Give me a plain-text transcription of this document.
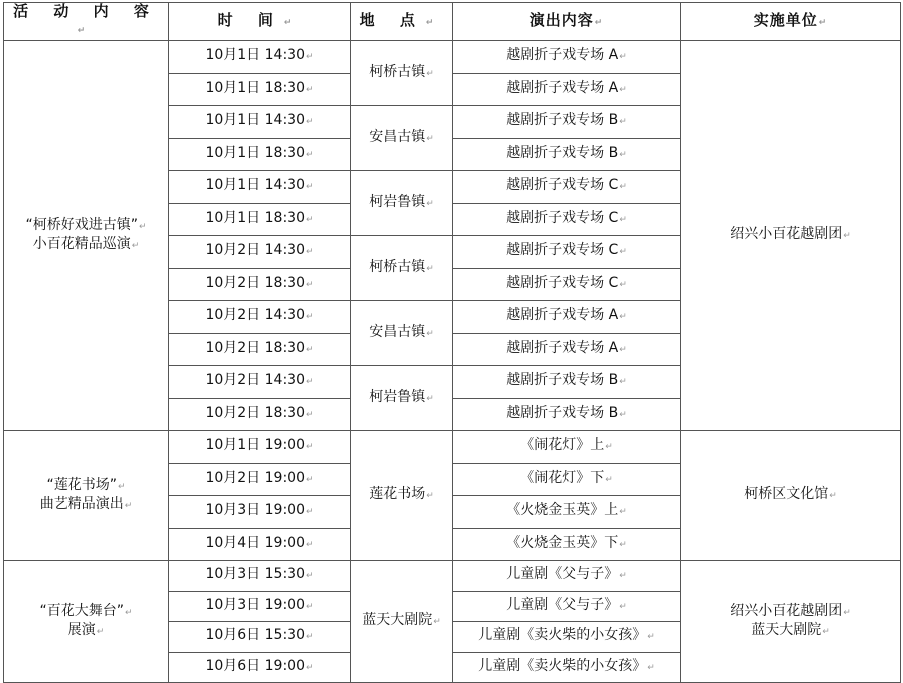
活 动 内 容↵	时 间↵	地 点↵	演出内容↵	实施单位↵
“柯桥好戏进古镇”↵
小百花精品巡演↵	10月1日 14:30↵	柯桥古镇↵	越剧折子戏专场 A↵	绍兴小百花越剧团↵
	10月1日 18:30↵		越剧折子戏专场 A↵	
	10月1日 14:30↵	安昌古镇↵	越剧折子戏专场 B↵	
	10月1日 18:30↵		越剧折子戏专场 B↵	
	10月1日 14:30↵	柯岩鲁镇↵	越剧折子戏专场 C↵	
	10月1日 18:30↵		越剧折子戏专场 C↵	
	10月2日 14:30↵	柯桥古镇↵	越剧折子戏专场 C↵	
	10月2日 18:30↵		越剧折子戏专场 C↵	
	10月2日 14:30↵	安昌古镇↵	越剧折子戏专场 A↵	
	10月2日 18:30↵		越剧折子戏专场 A↵	
	10月2日 14:30↵	柯岩鲁镇↵	越剧折子戏专场 B↵	
	10月2日 18:30↵		越剧折子戏专场 B↵	
“莲花书场”↵
曲艺精品演出↵	10月1日 19:00↵	莲花书场↵	《闹花灯》上↵	柯桥区文化馆↵
	10月2日 19:00↵		《闹花灯》下↵	
	10月3日 19:00↵		《火烧金玉英》上↵	
	10月4日 19:00↵		《火烧金玉英》下↵	
“百花大舞台”↵
展演↵	10月3日 15:30↵	蓝天大剧院↵	儿童剧《父与子》↵	绍兴小百花越剧团↵
蓝天大剧院↵
	10月3日 19:00↵		儿童剧《父与子》↵	
	10月6日 15:30↵		儿童剧《卖火柴的小女孩》↵	
	10月6日 19:00↵		儿童剧《卖火柴的小女孩》↵	
